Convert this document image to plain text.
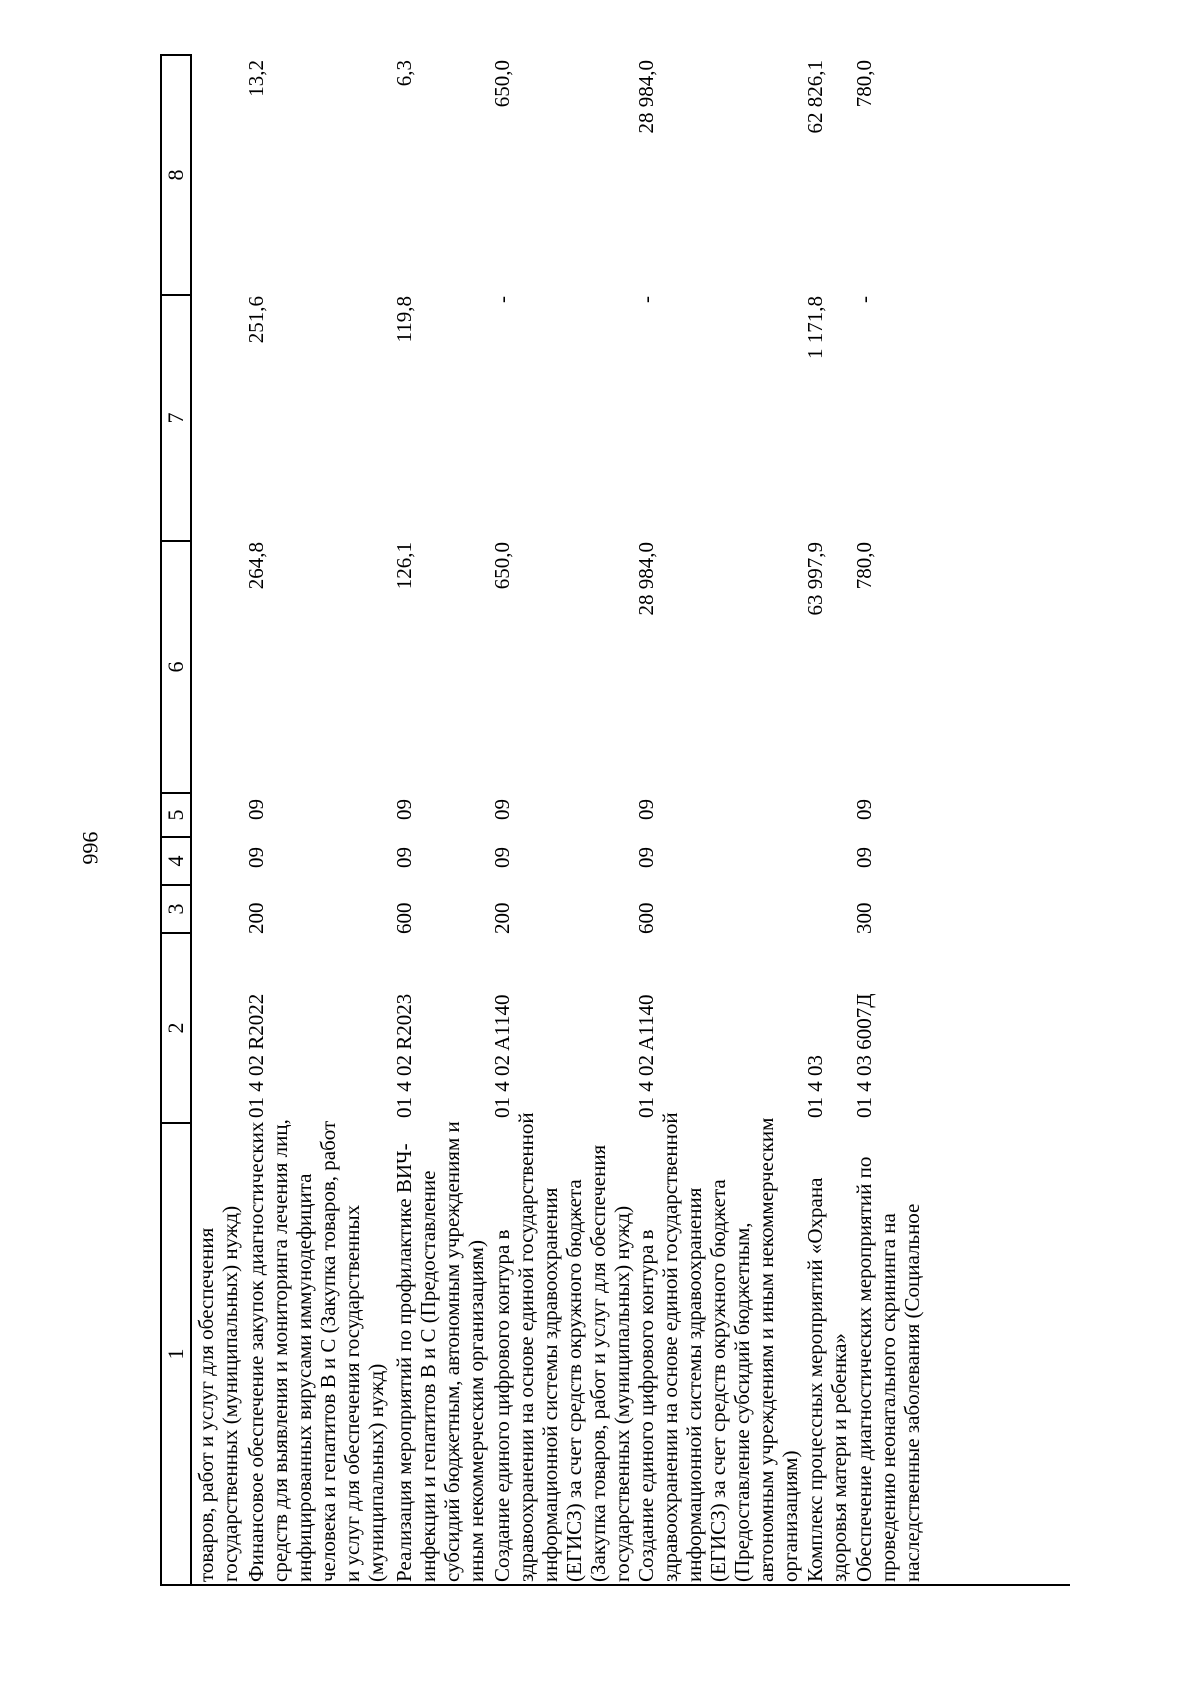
966
1
2
3
4
5
6
7
8
товаров, работ и услуг для обеспечения государственных (муниципальных) нужд) Финансовое обеспечение закупок диагностических средств для выявления и мониторинга лечения лиц, инфицированных вирусами иммунодефицита человека и гепатитов В и С (Закупка товаров, работ и услуг для обеспечения государственных (муниципальных) нужд)
01 4 02 R2022
200
09
09
264,8
251,6
13,2
Реализация мероприятий по профилактике ВИЧ- инфекции и гепатитов В и С (Предоставление субсидий бюджетным, автономным учреждениям и иным некоммерческим организациям)
01 4 02 R2023
600
09
09
126,1
119,8
6,3
Создание единого цифрового контура в здравоохранении на основе единой государственной информационной системы здравоохранения (ЕГИСЗ) за счет средств окружного бюджета (Закупка товаров, работ и услуг для обеспечения государственных (муниципальных) нужд)
01 4 02 A1140
200
09
09
650,0
-
650,0
Создание единого цифрового контура в здравоохранении на основе единой государственной информационной системы здравоохранения (ЕГИСЗ) за счет средств окружного бюджета (Предоставление субсидий бюджетным, автономным учреждениям и иным некоммерческим организациям)
01 4 02 A1140
600
09
09
28 984,0
-
28 984,0
Комплекс процессных мероприятий «Охрана здоровья матери и ребенка»
01 4 03
63 997,9
1 171,8
62 826,1
Обеспечение диагностических мероприятий по проведению неонатального скрининга на наследственные заболевания (Социальное
01 4 03 6007Д
300
09
09
780,0
-
780,0
